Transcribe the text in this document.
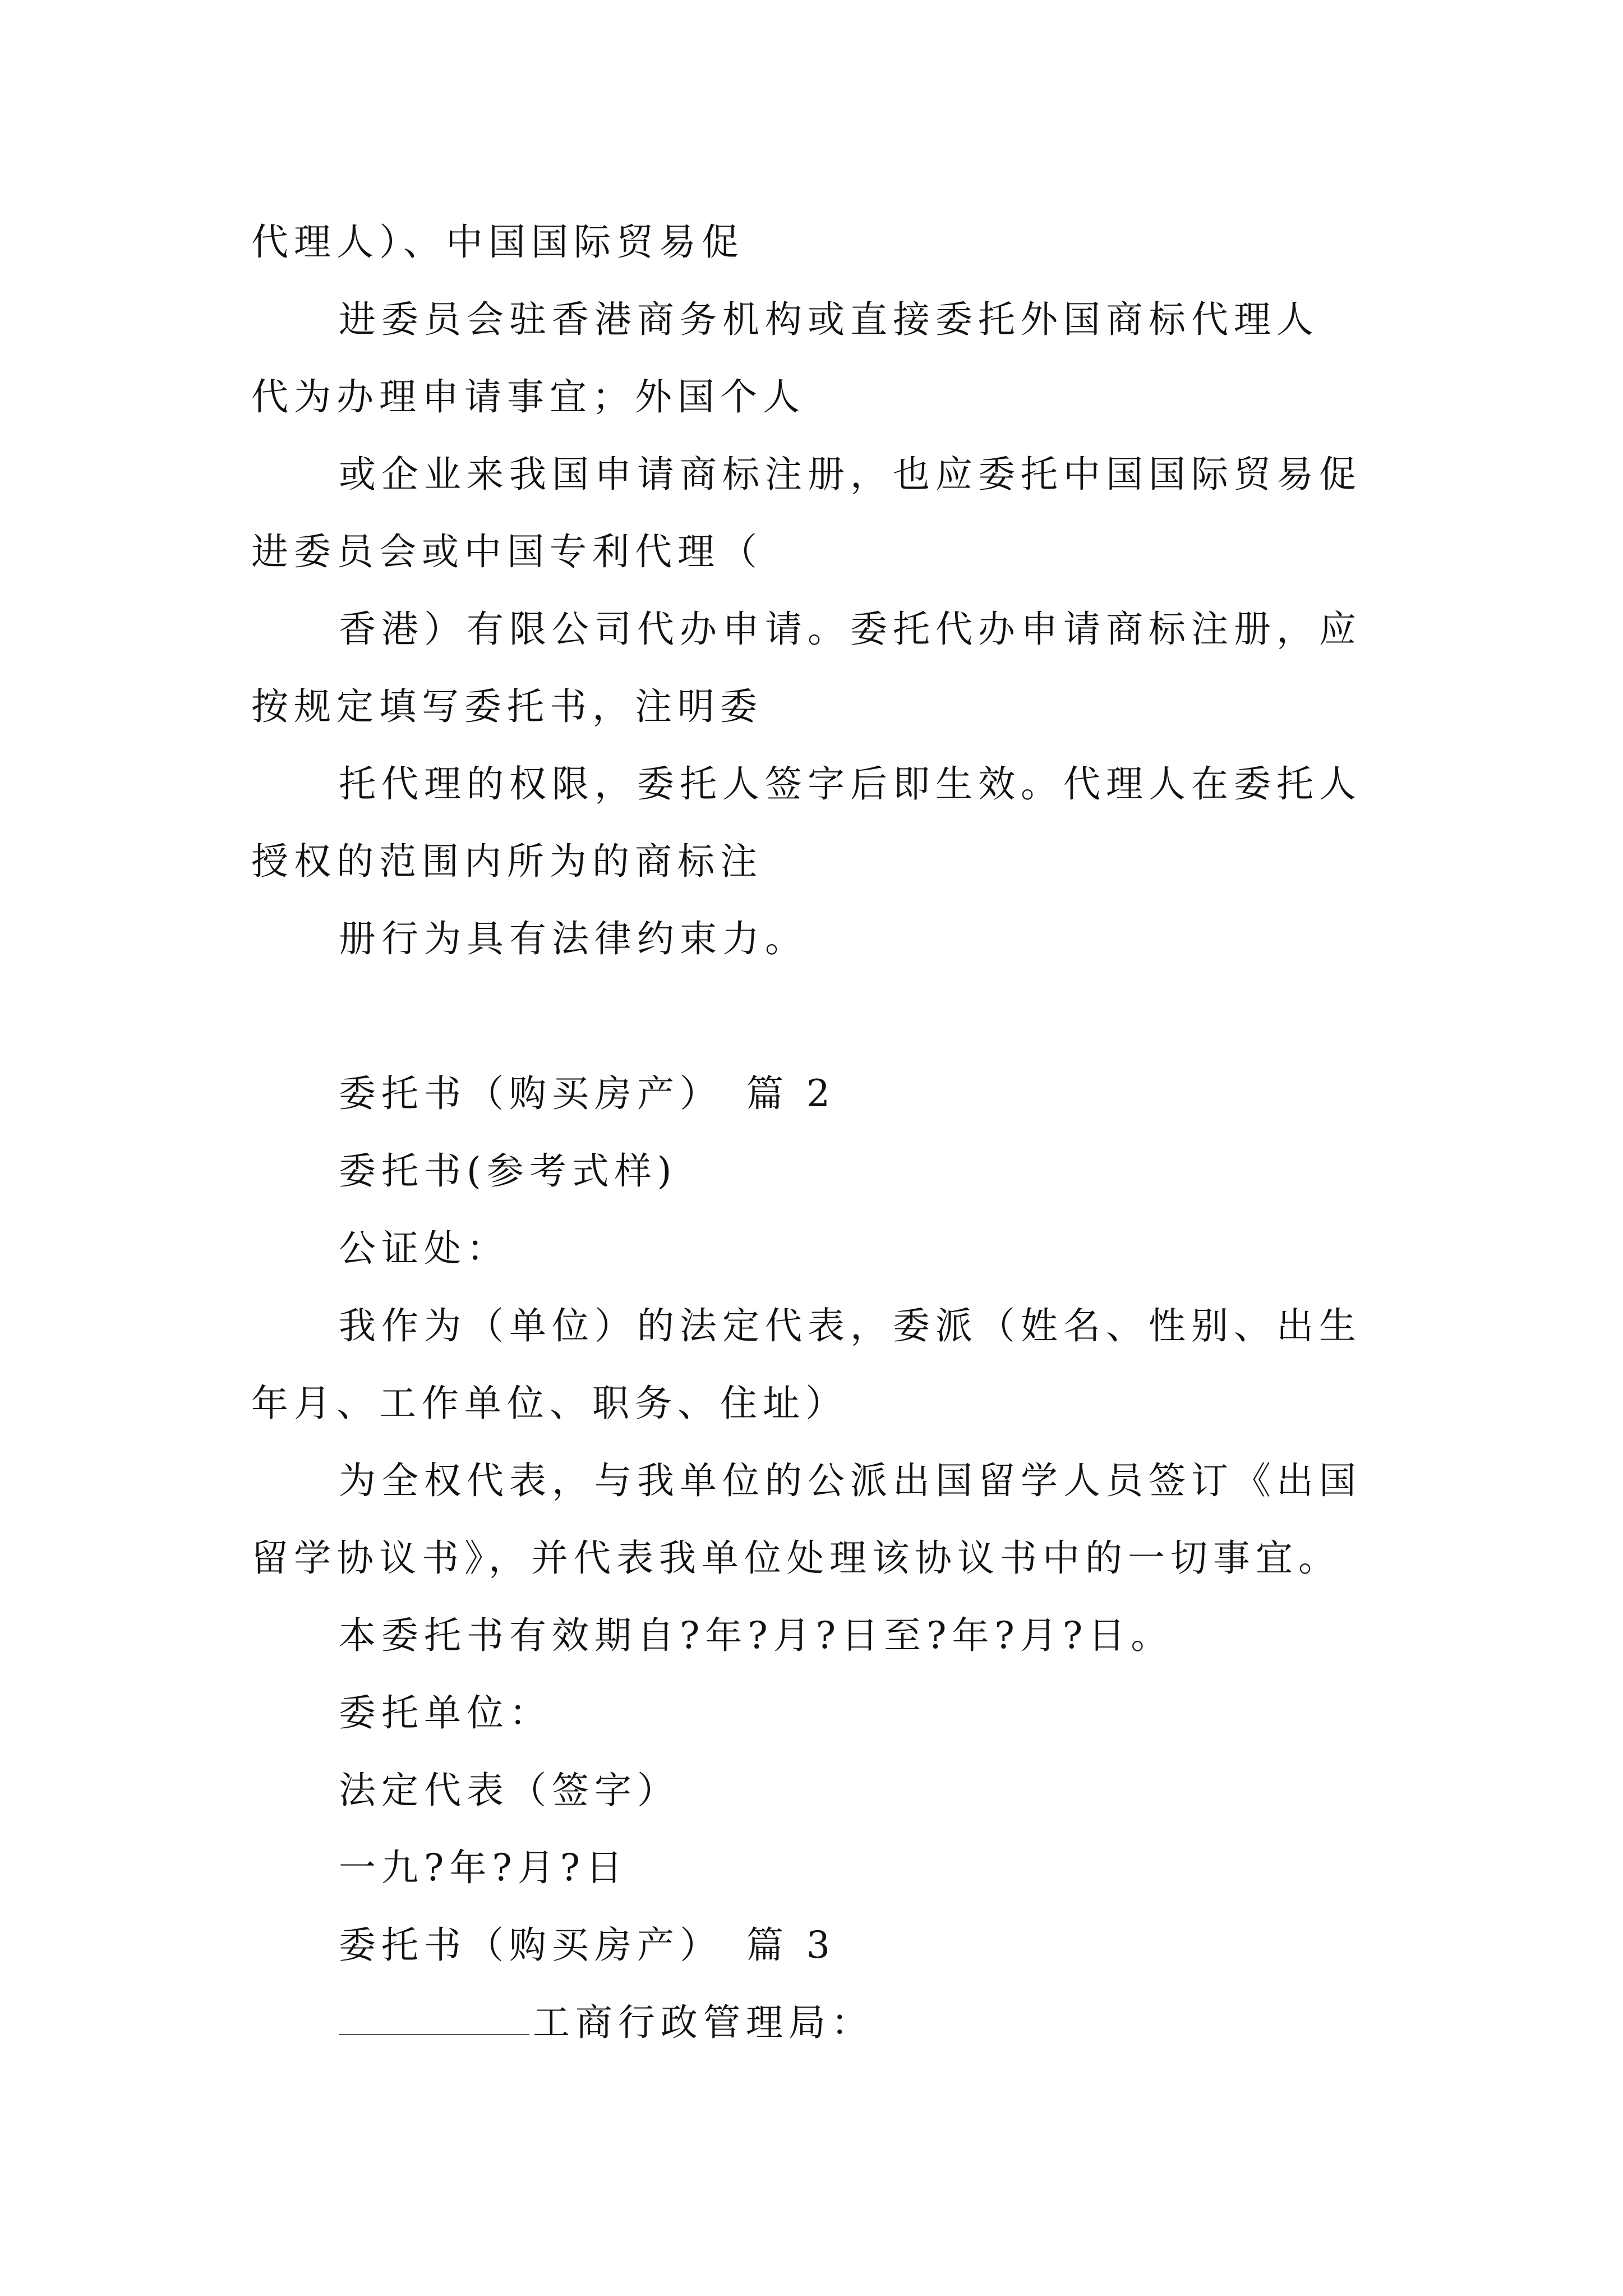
代理人）、中国国际贸易促
进委员会驻香港商务机构或直接委托外国商标代理人
代为办理申请事宜；外国个人
或企业来我国申请商标注册，也应委托中国国际贸易促
进委员会或中国专利代理（
香港）有限公司代办申请。委托代办申请商标注册，应
按规定填写委托书，注明委
托代理的权限，委托人签字后即生效。代理人在委托人
授权的范围内所为的商标注
册行为具有法律约束力。
委托书（购买房产）　篇 2
委托书(参考式样)
公证处：
我作为（单位）的法定代表，委派（姓名、性别、出生
年月、工作单位、职务、住址）
为全权代表，与我单位的公派出国留学人员签订《出国
留学协议书》，并代表我单位处理该协议书中的一切事宜。
本委托书有效期自?年?月?日至?年?月?日。
委托单位：
法定代表（签字）
一九?年?月?日
委托书（购买房产）　篇 3
工商行政管理局：
